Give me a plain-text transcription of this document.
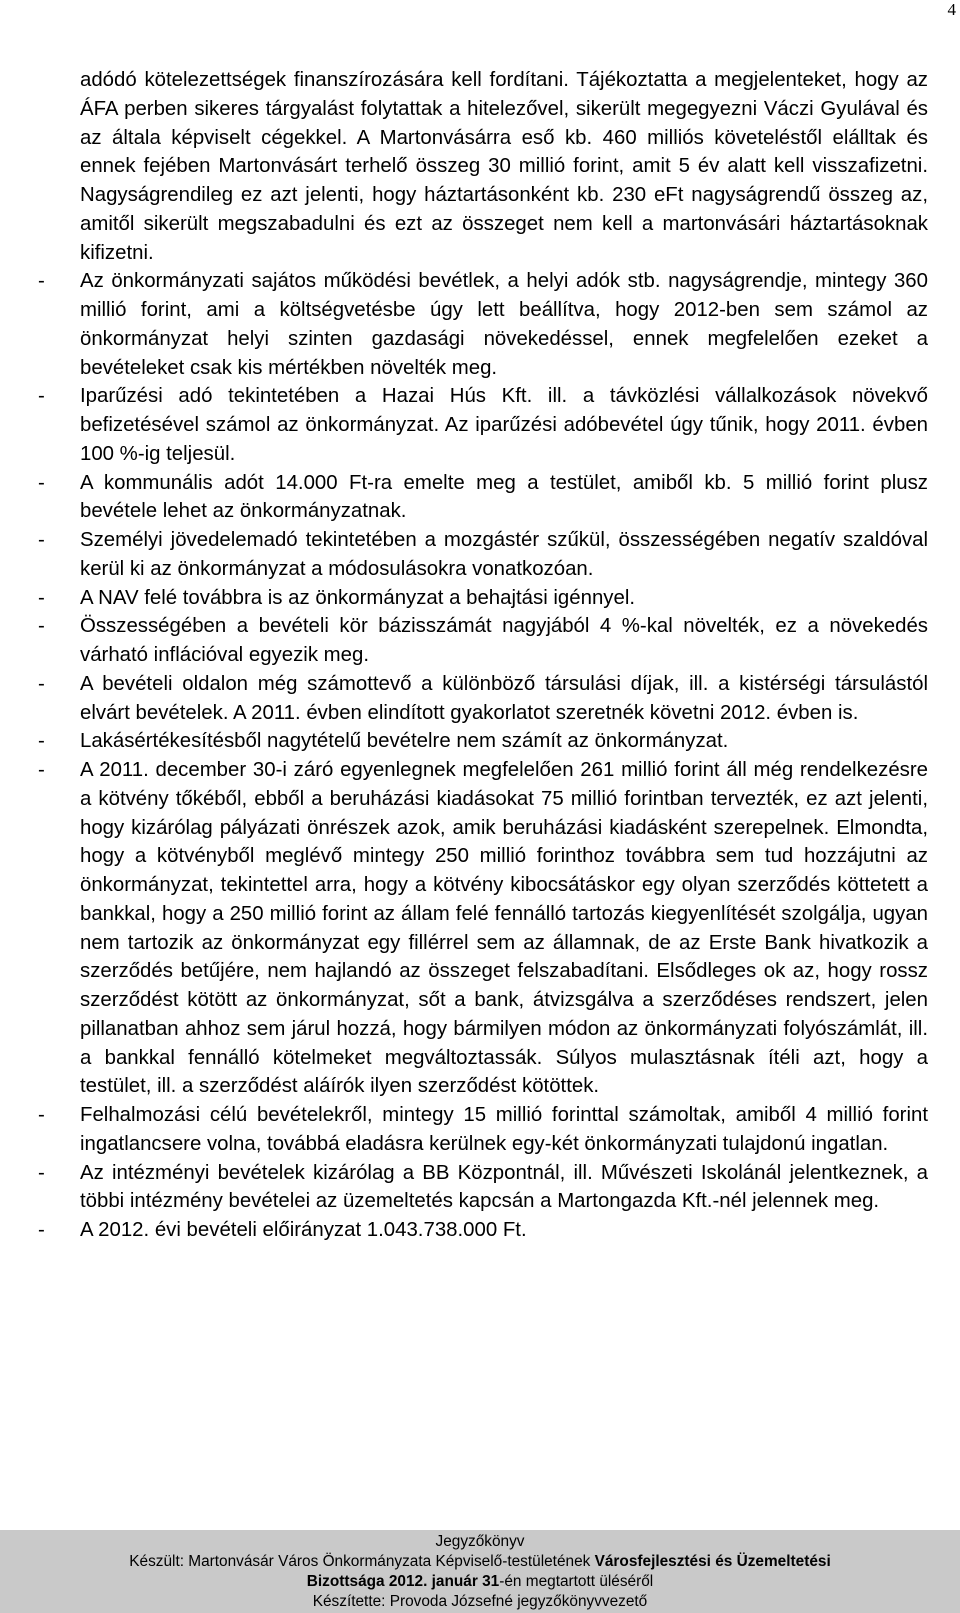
4

adódó kötelezettségek finanszírozására kell fordítani. Tájékoztatta a megjelenteket, hogy az ÁFA perben sikeres tárgyalást folytattak a hitelezővel, sikerült megegyezni Váczi Gyulával és az általa képviselt cégekkel. A Martonvásárra eső kb. 460 milliós követeléstől elálltak és ennek fejében Martonvásárt terhelő összeg 30 millió forint, amit 5 év alatt kell visszafizetni. Nagyságrendileg ez azt jelenti, hogy háztartásonként kb. 230 eFt nagyságrendű összeg az, amitől sikerült megszabadulni és ezt az összeget nem kell a martonvásári háztartásoknak kifizetni.

- Az önkormányzati sajátos működési bevétlek, a helyi adók stb. nagyságrendje, mintegy 360 millió forint, ami a költségvetésbe úgy lett beállítva, hogy 2012-ben sem számol az önkormányzat helyi szinten gazdasági növekedéssel, ennek megfelelően ezeket a bevételeket csak kis mértékben növelték meg.

- Iparűzési adó tekintetében a Hazai Hús Kft. ill. a távközlési vállalkozások növekvő befizetésével számol az önkormányzat. Az iparűzési adóbevétel úgy tűnik, hogy 2011. évben 100 %-ig teljesül.

- A kommunális adót 14.000 Ft-ra emelte meg a testület, amiből kb. 5 millió forint plusz bevétele lehet az önkormányzatnak.

- Személyi jövedelemadó tekintetében a mozgástér szűkül, összességében negatív szaldóval kerül ki az önkormányzat a módosulásokra vonatkozóan.

- A NAV felé továbbra is az önkormányzat a behajtási igénnyel.

- Összességében a bevételi kör bázisszámát nagyjából 4 %-kal növelték, ez a növekedés várható inflációval egyezik meg.

- A bevételi oldalon még számottevő a különböző társulási díjak, ill. a kistérségi társulástól elvárt bevételek. A 2011. évben elindított gyakorlatot szeretnék követni 2012. évben is.

- Lakásértékesítésből nagytételű bevételre nem számít az önkormányzat.

- A 2011. december 30-i záró egyenlegnek megfelelően 261 millió forint áll még rendelkezésre a kötvény tőkéből, ebből a beruházási kiadásokat 75 millió forintban tervezték, ez azt jelenti, hogy kizárólag pályázati önrészek azok, amik beruházási kiadásként szerepelnek. Elmondta, hogy a kötvényből meglévő mintegy 250 millió forinthoz továbbra sem tud hozzájutni az önkormányzat, tekintettel arra, hogy a kötvény kibocsátáskor egy olyan szerződés köttetett a bankkal, hogy a 250 millió forint az állam felé fennálló tartozás kiegyenlítését szolgálja, ugyan nem tartozik az önkormányzat egy fillérrel sem az államnak, de az Erste Bank hivatkozik a szerződés betűjére, nem hajlandó az összeget felszabadítani. Elsődleges ok az, hogy rossz szerződést kötött az önkormányzat, sőt a bank, átvizsgálva a szerződéses rendszert, jelen pillanatban ahhoz sem járul hozzá, hogy bármilyen módon az önkormányzati folyószámlát, ill. a bankkal fennálló kötelmeket megváltoztassák. Súlyos mulasztásnak ítéli azt, hogy a testület, ill. a szerződést aláírók ilyen szerződést kötöttek.

- Felhalmozási célú bevételekről, mintegy 15 millió forinttal számoltak, amiből 4 millió forint ingatlancsere volna, továbbá eladásra kerülnek egy-két önkormányzati tulajdonú ingatlan.

- Az intézményi bevételek kizárólag a BB Központnál, ill. Művészeti Iskolánál jelentkeznek, a többi intézmény bevételei az üzemeltetés kapcsán a Martongazda Kft.-nél jelennek meg.

- A 2012. évi bevételi előirányzat 1.043.738.000 Ft.

Jegyzőkönyv
Készült: Martonvásár Város Önkormányzata Képviselő-testületének Városfejlesztési és Üzemeltetési
Bizottsága 2012. január 31-én megtartott üléséről
Készítette: Provoda Józsefné jegyzőkönyvvezető
